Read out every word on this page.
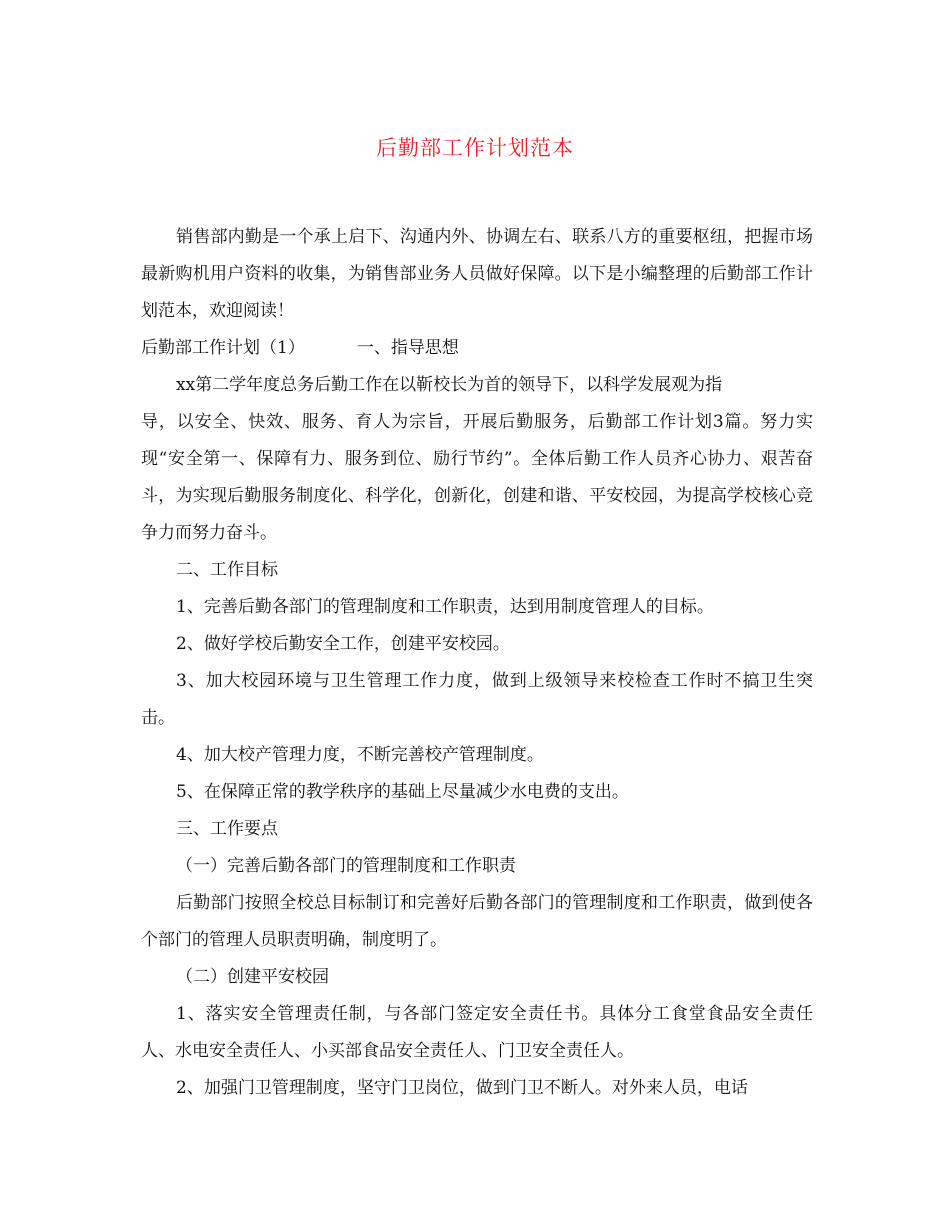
后勤部工作计划范本

销售部内勤是一个承上启下、沟通内外、协调左右、联系八方的重要枢纽，把握市场最新购机用户资料的收集，为销售部业务人员做好保障。以下是小编整理的后勤部工作计划范本，欢迎阅读！

后勤部工作计划（1）	一、指导思想

xx第二学年度总务后勤工作在以靳校长为首的领导下，以科学发展观为指

导，以安全、快效、服务、育人为宗旨，开展后勤服务，后勤部工作计划3篇。努力实现“安全第一、保障有力、服务到位、励行节约”。全体后勤工作人员齐心协力、艰苦奋斗，为实现后勤服务制度化、科学化，创新化，创建和谐、平安校园，为提高学校核心竞争力而努力奋斗。

二、工作目标

1、完善后勤各部门的管理制度和工作职责，达到用制度管理人的目标。

2、做好学校后勤安全工作，创建平安校园。

3、加大校园环境与卫生管理工作力度，做到上级领导来校检查工作时不搞卫生突击。

4、加大校产管理力度，不断完善校产管理制度。

5、在保障正常的教学秩序的基础上尽量减少水电费的支出。

三、工作要点

（一）完善后勤各部门的管理制度和工作职责

后勤部门按照全校总目标制订和完善好后勤各部门的管理制度和工作职责，做到使各个部门的管理人员职责明确，制度明了。

（二）创建平安校园

1、落实安全管理责任制，与各部门签定安全责任书。具体分工食堂食品安全责任人、水电安全责任人、小买部食品安全责任人、门卫安全责任人。

2、加强门卫管理制度，坚守门卫岗位，做到门卫不断人。对外来人员，电话
